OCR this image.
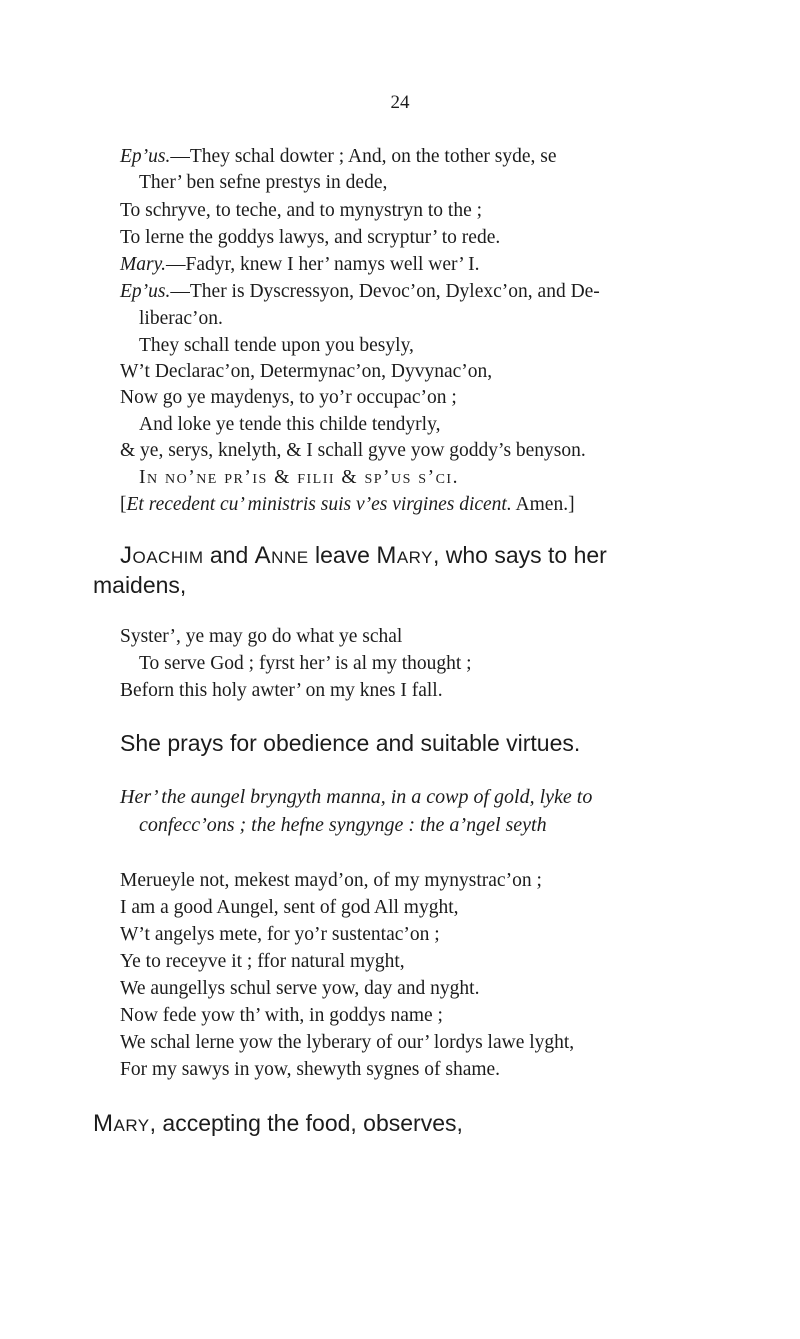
24
Ep’us.—They schal dowter ; And, on the tother syde, se
Ther’ ben sefne prestys in dede,
To schryve, to teche, and to mynystryn to the ;
To lerne the goddys lawys, and scryptur’ to rede.
Mary.—Fadyr, knew I her’ namys well wer’ I.
Ep’us.—Ther is Dyscressyon, Devoc’on, Dylexc’on, and De-
liberac’on.
They schall tende upon you besyly,
W’t Declarac’on, Determynac’on, Dyvynac’on,
Now go ye maydenys, to yo’r occupac’on ;
And loke ye tende this childe tendyrly,
& ye, serys, knelyth, & I schall gyve yow goddy’s benyson.
In no’ne pr’is & filii & sp’us s’ci.
[Et recedent cu’ ministris suis v’es virgines dicent. Amen.]
Joachim and Anne leave Mary, who says to her
maidens,
Syster’, ye may go do what ye schal
To serve God ; fyrst her’ is al my thought ;
Beforn this holy awter’ on my knes I fall.
She prays for obedience and suitable virtues.
Her’ the aungel bryngyth manna, in a cowp of gold, lyke to
confecc’ons ; the hefne syngynge : the a’ngel seyth
Merueyle not, mekest mayd’on, of my mynystrac’on ;
I am a good Aungel, sent of god All myght,
W’t angelys mete, for yo’r sustentac’on ;
Ye to receyve it ; ffor natural myght,
We aungellys schul serve yow, day and nyght.
Now fede yow th’ with, in goddys name ;
We schal lerne yow the lyberary of our’ lordys lawe lyght,
For my sawys in yow, shewyth sygnes of shame.
Mary, accepting the food, observes,
